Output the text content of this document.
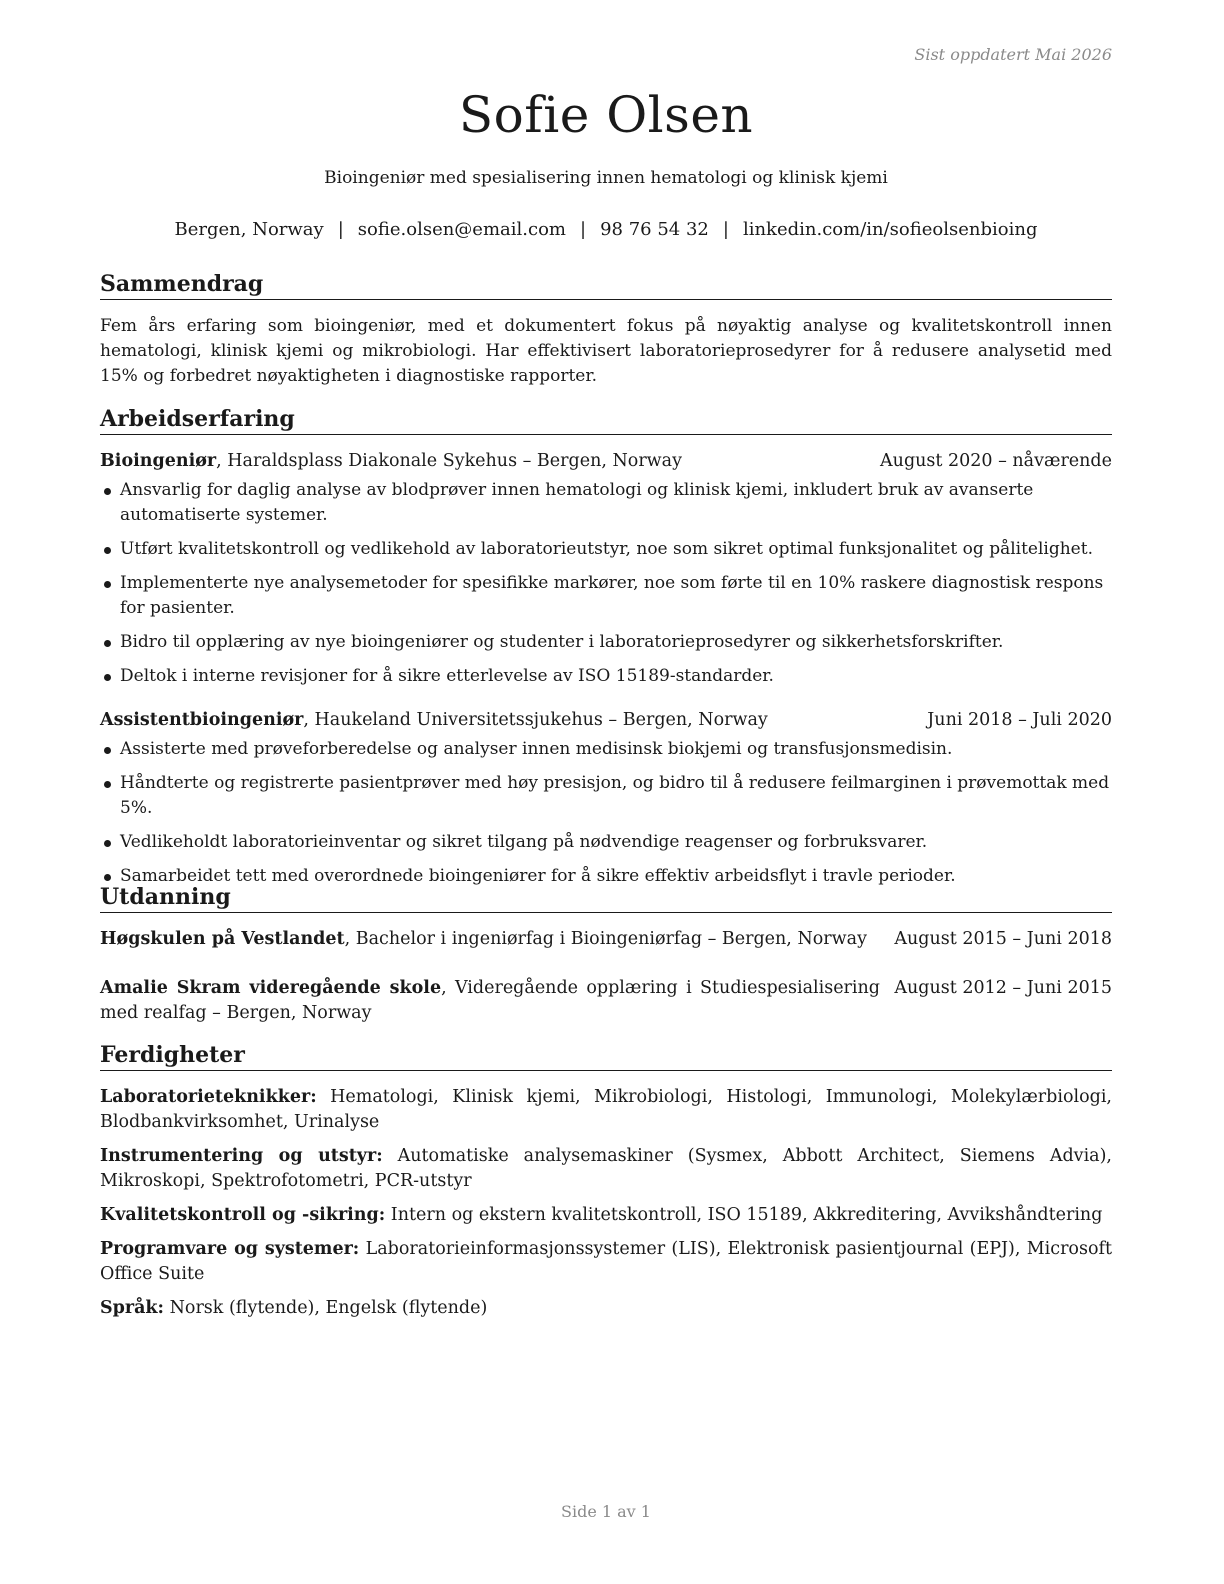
Sist oppdatert Mai 2026
Sofie Olsen
Bioingeniør med spesialisering innen hematologi og klinisk kjemi
Bergen, Norway | sofie.olsen@email.com | 98 76 54 32 | linkedin.com/in/sofieolsenbioing
Sammendrag
Fem års erfaring som bioingeniør, med et dokumentert fokus på nøyaktig analyse og kvalitetskontroll innen hematologi, klinisk kjemi og mikrobiologi. Har effektivisert laboratorieprosedyrer for å redusere analysetid med 15% og forbedret nøyaktigheten i diagnostiske rapporter.
Arbeidserfaring
Bioingeniør, Haraldsplass Diakonale Sykehus – Bergen, Norway	August 2020 – nåværende
Ansvarlig for daglig analyse av blodprøver innen hematologi og klinisk kjemi, inkludert bruk av avanserte automatiserte systemer.
Utført kvalitetskontroll og vedlikehold av laboratorieutstyr, noe som sikret optimal funksjonalitet og pålitelighet.
Implementerte nye analysemetoder for spesifikke markører, noe som førte til en 10% raskere diagnostisk respons for pasienter.
Bidro til opplæring av nye bioingeniører og studenter i laboratorieprosedyrer og sikkerhetsforskrifter.
Deltok i interne revisjoner for å sikre etterlevelse av ISO 15189-standarder.
Assistentbioingeniør, Haukeland Universitetssjukehus – Bergen, Norway	Juni 2018 – Juli 2020
Assisterte med prøveforberedelse og analyser innen medisinsk biokjemi og transfusjonsmedisin.
Håndterte og registrerte pasientprøver med høy presisjon, og bidro til å redusere feilmarginen i prøvemottak med 5%.
Vedlikeholdt laboratorieinventar og sikret tilgang på nødvendige reagenser og forbruksvarer.
Samarbeidet tett med overordnede bioingeniører for å sikre effektiv arbeidsflyt i travle perioder.
Utdanning
Høgskulen på Vestlandet, Bachelor i ingeniørfag i Bioingeniørfag – Bergen, Norway	August 2015 – Juni 2018
Amalie Skram videregående skole, Videregående opplæring i Studiespesialisering med realfag – Bergen, Norway
August 2012 – Juni 2015
Ferdigheter
Laboratorieteknikker: Hematologi, Klinisk kjemi, Mikrobiologi, Histologi, Immunologi, Molekylærbiologi, Blodbankvirksomhet, Urinalyse
Instrumentering og utstyr: Automatiske analysemaskiner (Sysmex, Abbott Architect, Siemens Advia), Mikroskopi, Spektrofotometri, PCR-utstyr
Kvalitetskontroll og -sikring: Intern og ekstern kvalitetskontroll, ISO 15189, Akkreditering, Avvikshåndtering
Programvare og systemer: Laboratorieinformasjonssystemer (LIS), Elektronisk pasientjournal (EPJ), Microsoft Office Suite
Språk: Norsk (flytende), Engelsk (flytende)
Side 1 av 1
